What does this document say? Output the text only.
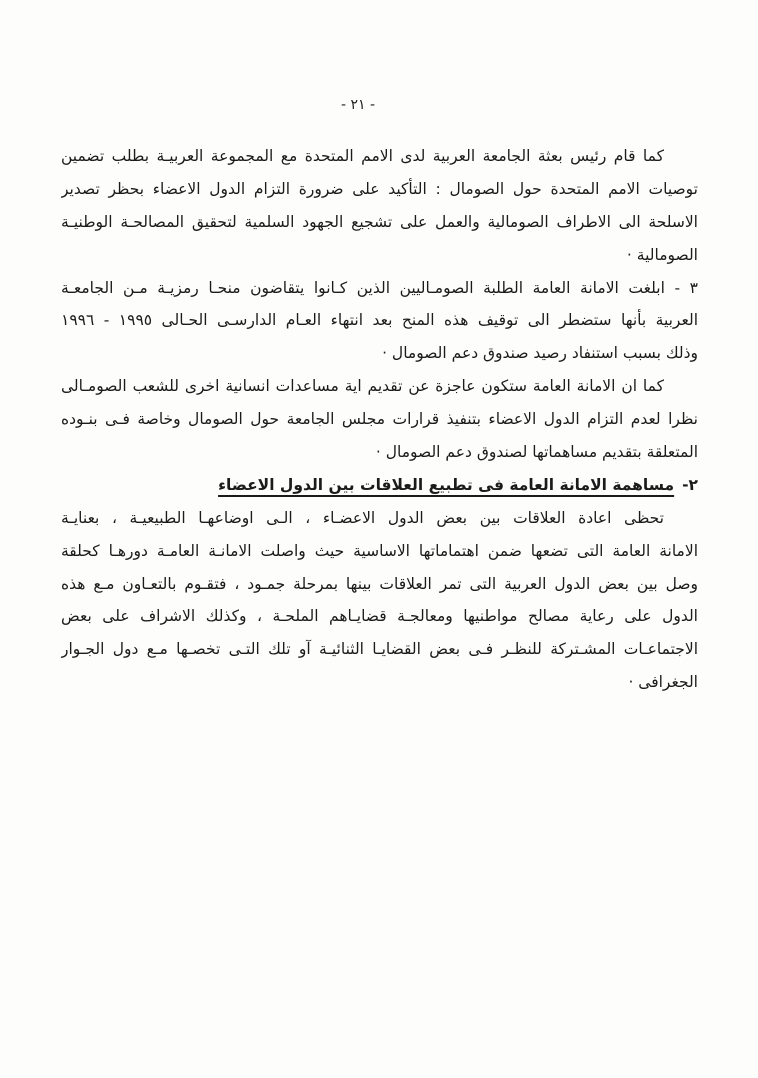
- ٢١ -
كما قام رئيس بعثة الجامعة العربية لدى الامم المتحدة مع المجموعة العربيـة بطلب تضمين
توصيات الامم المتحدة حول الصومال : التأكيد على ضرورة التزام الدول الاعضاء بحظر تصدير
الاسلحة الى الاطراف الصومالية والعمل على تشجيع الجهود السلمية لتحقيق المصالحـة الوطنيـة
الصومالية ·
٣ - ابلغت الامانة العامة الطلبة الصومـاليين الذين كـانوا يتقاضون منحـا رمزيـة مـن الجامعـة
العربية بأنها ستضطر الى توقيف هذه المنح بعد انتهاء العـام الدارسـى الحـالى ١٩٩٥ - ١٩٩٦
وذلك بسبب استنفاد رصيد صندوق دعم الصومال ·
كما ان الامانة العامة ستكون عاجزة عن تقديم اية مساعدات انسانية اخرى للشعب الصومـالى
نظرا لعدم التزام الدول الاعضاء بتنفيذ قرارات مجلس الجامعة حول الصومال وخاصة فـى بنـوده
المتعلقة بتقديم مساهماتها لصندوق دعم الصومال ·
٢-مساهمة الامانة العامة فى تطبيع العلاقات بين الدول الاعضاء
تحظى اعادة العلاقات بين بعض الدول الاعضـاء ، الـى اوضاعهـا الطبيعيـة ، بعنايـة
الامانة العامة التى تضعها ضمن اهتماماتها الاساسية حيث واصلت الامانـة العامـة دورهـا كحلقة
وصل بين بعض الدول العربية التى تمر العلاقات بينها بمرحلة جمـود ، فتقـوم بالتعـاون مـع هذه
الدول على رعاية مصالح مواطنيها ومعالجـة قضايـاهم الملحـة ، وكذلك الاشراف على بعض
الاجتماعـات المشـتركة للنظـر فـى بعض القضايـا الثنائيـة آو تلك التـى تخصـها مـع دول الجـوار
الجغرافى ·
